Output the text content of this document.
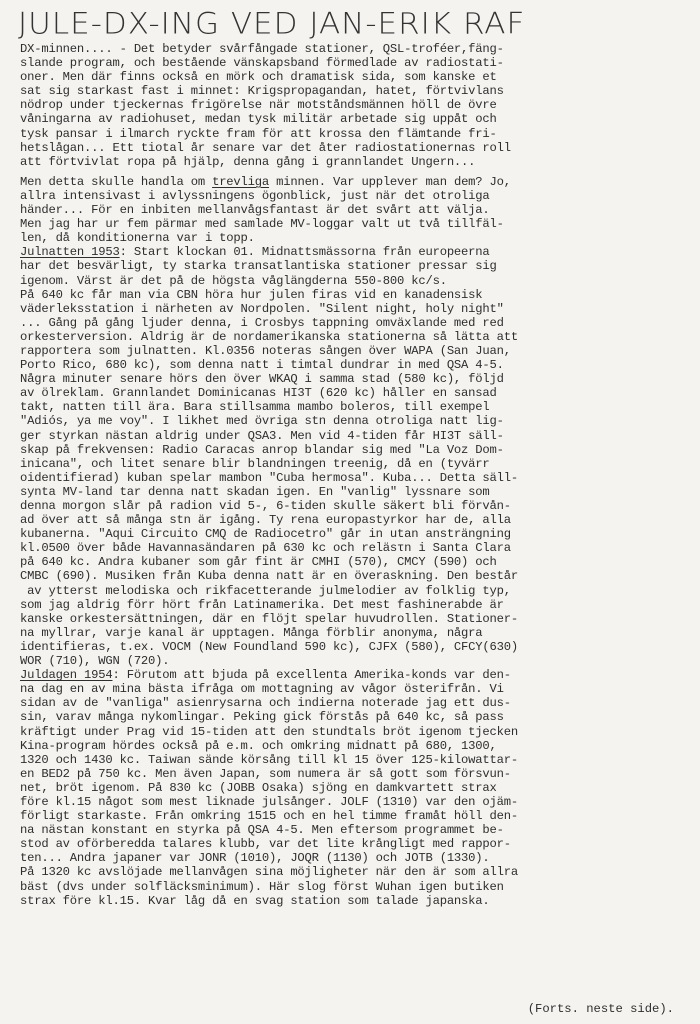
JULE-DX-ING VED JAN-ERIK RAF
DX-minnen.... - Det betyder svårfångade stationer, QSL-troféer,fäng-
slande program, och bestående vänskapsband förmedlade av radiostati-
oner. Men där finns också en mörk och dramatisk sida, som kanske et
sat sig starkast fast i minnet: Krigspropagandan, hatet, förtvivlans
nödrop under tjeckernas frigörelse när motståndsmännen höll de övre
våningarna av radiohuset, medan tysk militär arbetade sig uppåt och
tysk pansar i ilmarch ryckte fram för att krossa den flämtande fri-
hetslågan... Ett tiotal år senare var det åter radiostationernas roll
att förtvivlat ropa på hjälp, denna gång i grannlandet Ungern...
Men detta skulle handla om trevliga minnen. Var upplever man dem? Jo,
allra intensivast i avlyssningens ögonblick, just när det otroliga
händer... För en inbiten mellanvågsfantast är det svårt att välja.
Men jag har ur fem pärmar med samlade MV-loggar valt ut två tillfäl-
len, då konditionerna var i topp.
Julnatten 1953: Start klockan 01. Midnattsmässorna från europeerna
har det besvärligt, ty starka transatlantiska stationer pressar sig
igenom. Värst är det på de högsta våglängderna 550-800 kc/s.
På 640 kc får man via CBN höra hur julen firas vid en kanadensisk
väderleksstation i närheten av Nordpolen. "Silent night, holy night"
... Gång på gång ljuder denna, i Crosbys tappning omväxlande med red
orkesterversion. Aldrig är de nordamerikanska stationerna så lätta att
rapportera som julnatten. Kl.0356 noteras sången över WAPA (San Juan,
Porto Rico, 680 kc), som denna natt i timtal dundrar in med QSA 4-5.
Några minuter senare hörs den över WKAQ i samma stad (580 kc), följd
av ölreklam. Grannlandet Dominicanas HI3T (620 kc) håller en sansad
takt, natten till ära. Bara stillsamma mambo boleros, till exempel
"Adiós, ya me voy". I likhet med övriga stn denna otroliga natt lig-
ger styrkan nästan aldrig under QSA3. Men vid 4-tiden får HI3T säll-
skap på frekvensen: Radio Caracas anrop blandar sig med "La Voz Dom-
inicana", och litet senare blir blandningen treenig, då en (tyvärr
oidentifierad) kuban spelar mambon "Cuba hermosa". Kuba... Detta säll-
synta MV-land tar denna natt skadan igen. En "vanlig" lyssnare som
denna morgon slår på radion vid 5-, 6-tiden skulle säkert bli förvån-
ad över att så många stn är igång. Ty rena europastyrkor har de, alla
kubanerna. "Aqui Circuito CMQ de Radiocetro" går in utan ansträngning
kl.0500 över både Havannasändaren på 630 kc och reläsτn i Santa Clara
på 640 kc. Andra kubaner som går fint är CMHI (570), CMCY (590) och
CMBC (690). Musiken från Kuba denna natt är en överaskning. Den består
av ytterst melodiska och rikfacetterande julmelodier av folklig typ,
som jag aldrig förr hört från Latinamerika. Det mest fashinerabde är
kanske orkestersättningen, där en flöjt spelar huvudrollen. Stationer-
na myllrar, varje kanal är upptagen. Många förblir anonyma, några
identifieras, t.ex. VOCM (New Foundland 590 kc), CJFX (580), CFCY(630)
WOR (710), WGN (720).
Juldagen 1954: Förutom att bjuda på excellenta Amerika-konds var den-
na dag en av mina bästa ifråga om mottagning av vågor österifrån. Vi
sidan av de "vanliga" asienrysarna och indierna noterade jag ett dus-
sin, varav många nykomlingar. Peking gick förstås på 640 kc, så pass
kräftigt under Prag vid 15-tiden att den stundtals bröt igenom tjecken
Kina-program hördes också på e.m. och omkring midnatt på 680, 1300,
1320 och 1430 kc. Taiwan sände körsång till kl 15 över 125-kilowattar-
en BED2 på 750 kc. Men även Japan, som numera är så gott som försvun-
net, bröt igenom. På 830 kc (JOBB Osaka) sjöng en damkvartett strax
före kl.15 något som mest liknade julsånger. JOLF (1310) var den ojäm-
förligt starkaste. Från omkring 1515 och en hel timme framåt höll den-
na nästan konstant en styrka på QSA 4-5. Men eftersom programmet be-
stod av oförberedda talares klubb, var det lite krångligt med rappor-
ten... Andra japaner var JONR (1010), JOQR (1130) och JOTB (1330).
På 1320 kc avslöjade mellanvågen sina möjligheter när den är som allra
bäst (dvs under solfläcksminimum). Här slog först Wuhan igen butiken
strax före kl.15. Kvar låg då en svag station som talade japanska.
(Forts. neste side).
